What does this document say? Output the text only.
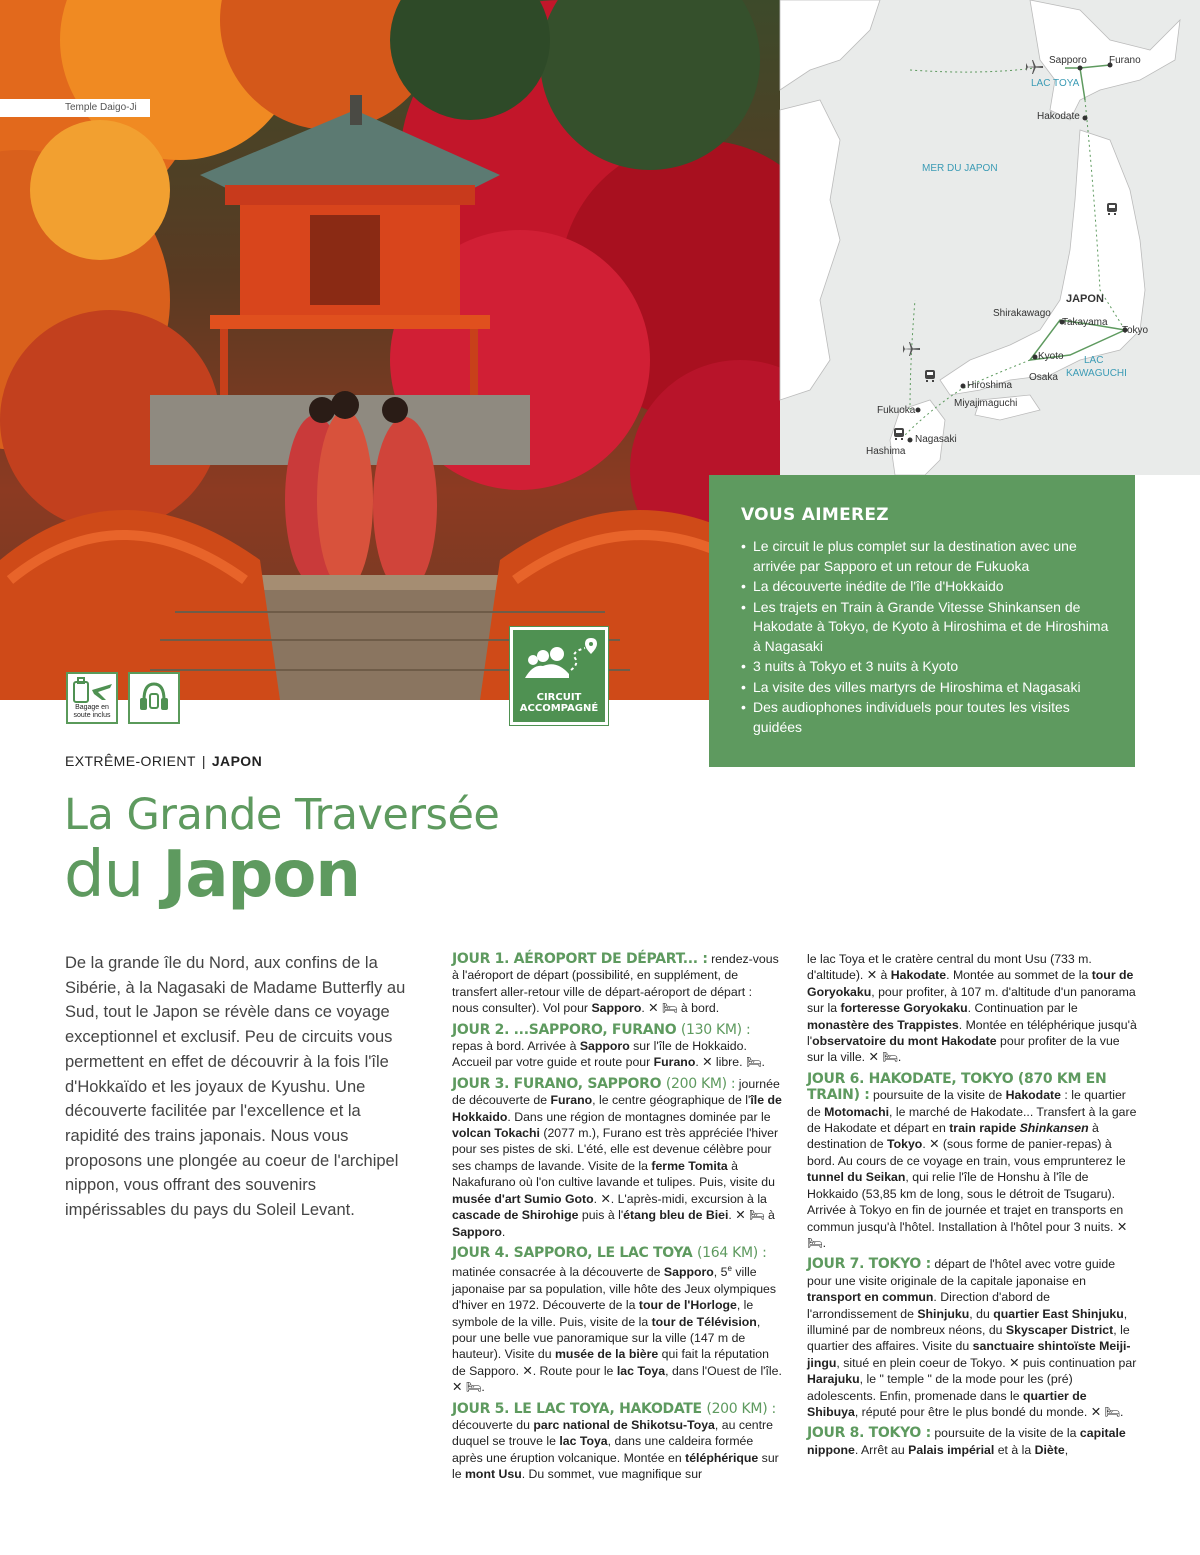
Temple Daigo-Ji
Bagage en
soute inclus
CIRCUIT
ACCOMPAGNÉ
Sapporo Furano
LAC TOYA
Hakodate
MER DU JAPON
JAPON
Shirakawago
Takayama
Tokyo
Kyoto LAC
KAWAGUCHI
Osaka
Hiroshima
Miyajimaguchi
Fukuoka
Nagasaki
Hashima
VOUS AIMEREZ
• Le circuit le plus complet sur la destination avec une arrivée par Sapporo et un retour de Fukuoka
• La découverte inédite de l'île d'Hokkaido
• Les trajets en Train à Grande Vitesse Shinkansen de Hakodate à Tokyo, de Kyoto à Hiroshima et de Hiroshima à Nagasaki
• 3 nuits à Tokyo et 3 nuits à Kyoto
• La visite des villes martyrs de Hiroshima et Nagasaki
• Des audiophones individuels pour toutes les visites guidées
EXTRÊME-ORIENT | JAPON
La Grande Traversée
du Japon

De la grande île du Nord, aux confins de la Sibérie, à la Nagasaki de Madame Butterfly au Sud, tout le Japon se révèle dans ce voyage exceptionnel et exclusif. Peu de circuits vous permettent en effet de découvrir à la fois l'île d'Hokkaïdo et les joyaux de Kyushu. Une découverte facilitée par l'excellence et la rapidité des trains japonais. Nous vous proposons une plongée au coeur de l'archipel nippon, vous offrant des souvenirs impérissables du pays du Soleil Levant.

JOUR 1. AÉROPORT DE DÉPART... : rendez-vous à l'aéroport de départ (possibilité, en supplément, de transfert aller-retour ville de départ-aéroport de départ : nous consulter). Vol pour Sapporo. ✕ 🛏 à bord.
JOUR 2. ...SAPPORO, FURANO (130 KM) : repas à bord. Arrivée à Sapporo sur l'île de Hokkaido. Accueil par votre guide et route pour Furano. ✕ libre. 🛏.
JOUR 3. FURANO, SAPPORO (200 KM) : journée de découverte de Furano, le centre géographique de l'île de Hokkaido. Dans une région de montagnes dominée par le volcan Tokachi (2077 m.), Furano est très appréciée l'hiver pour ses pistes de ski. L'été, elle est devenue célèbre pour ses champs de lavande. Visite de la ferme Tomita à Nakafurano où l'on cultive lavande et tulipes. Puis, visite du musée d'art Sumio Goto. ✕. L'après-midi, excursion à la cascade de Shirohige puis à l'étang bleu de Biei. ✕ 🛏 à Sapporo.
JOUR 4. SAPPORO, LE LAC TOYA (164 KM) : matinée consacrée à la découverte de Sapporo, 5e ville japonaise par sa population, ville hôte des Jeux olympiques d'hiver en 1972. Découverte de la tour de l'Horloge, le symbole de la ville. Puis, visite de la tour de Télévision, pour une belle vue panoramique sur la ville (147 m de hauteur). Visite du musée de la bière qui fait la réputation de Sapporo. ✕. Route pour le lac Toya, dans l'Ouest de l'île. ✕ 🛏.
JOUR 5. LE LAC TOYA, HAKODATE (200 KM) : découverte du parc national de Shikotsu-Toya, au centre duquel se trouve le lac Toya, dans une caldeira formée après une éruption volcanique. Montée en téléphérique sur le mont Usu. Du sommet, vue magnifique sur
le lac Toya et le cratère central du mont Usu (733 m. d'altitude). ✕ à Hakodate. Montée au sommet de la tour de Goryokaku, pour profiter, à 107 m. d'altitude d'un panorama sur la forteresse Goryokaku. Continuation par le monastère des Trappistes. Montée en téléphérique jusqu'à l'observatoire du mont Hakodate pour profiter de la vue sur la ville. ✕ 🛏.
JOUR 6. HAKODATE, TOKYO (870 KM EN TRAIN) : poursuite de la visite de Hakodate : le quartier de Motomachi, le marché de Hakodate... Transfert à la gare de Hakodate et départ en train rapide Shinkansen à destination de Tokyo. ✕ (sous forme de panier-repas) à bord. Au cours de ce voyage en train, vous emprunterez le tunnel du Seikan, qui relie l'île de Honshu à l'île de Hokkaido (53,85 km de long, sous le détroit de Tsugaru). Arrivée à Tokyo en fin de journée et trajet en transports en commun jusqu'à l'hôtel. Installation à l'hôtel pour 3 nuits. ✕ 🛏.
JOUR 7. TOKYO : départ de l'hôtel avec votre guide pour une visite originale de la capitale japonaise en transport en commun. Direction d'abord de l'arrondissement de Shinjuku, du quartier East Shinjuku, illuminé par de nombreux néons, du Skyscaper District, le quartier des affaires. Visite du sanctuaire shintoïste Meiji-jingu, situé en plein coeur de Tokyo. ✕ puis continuation par Harajuku, le " temple " de la mode pour les (pré) adolescents. Enfin, promenade dans le quartier de Shibuya, réputé pour être le plus bondé du monde. ✕ 🛏.
JOUR 8. TOKYO : poursuite de la visite de la capitale nippone. Arrêt au Palais impérial et à la Diète,
